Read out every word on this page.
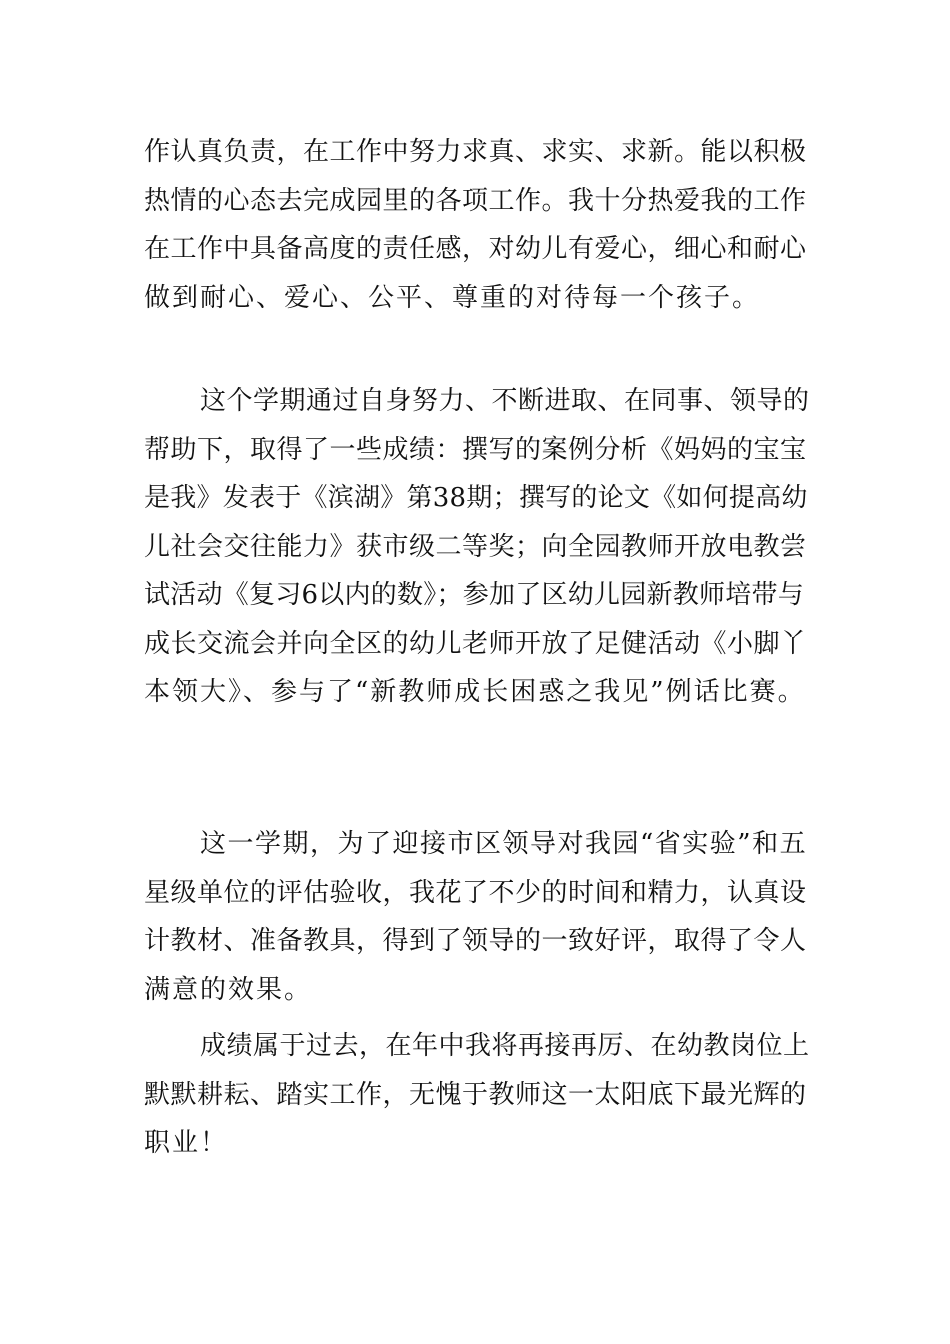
作认真负责，在工作中努力求真、求实、求新。能以积极
热情的心态去完成园里的各项工作。我十分热爱我的工作
在工作中具备高度的责任感，对幼儿有爱心，细心和耐心
做到耐心、爱心、公平、尊重的对待每一个孩子。
这个学期通过自身努力、不断进取、在同事、领导的
帮助下，取得了一些成绩：撰写的案例分析《妈妈的宝宝
是我》发表于《滨湖》第38期；撰写的论文《如何提高幼
儿社会交往能力》获市级二等奖；向全园教师开放电教尝
试活动《复习6以内的数》；参加了区幼儿园新教师培带与
成长交流会并向全区的幼儿老师开放了足健活动《小脚丫
本领大》、参与了“新教师成长困惑之我见”例话比赛。
这一学期，为了迎接市区领导对我园“省实验”和五
星级单位的评估验收，我花了不少的时间和精力，认真设
计教材、准备教具，得到了领导的一致好评，取得了令人
满意的效果。
成绩属于过去，在年中我将再接再厉、在幼教岗位上
默默耕耘、踏实工作，无愧于教师这一太阳底下最光辉的
职业！
